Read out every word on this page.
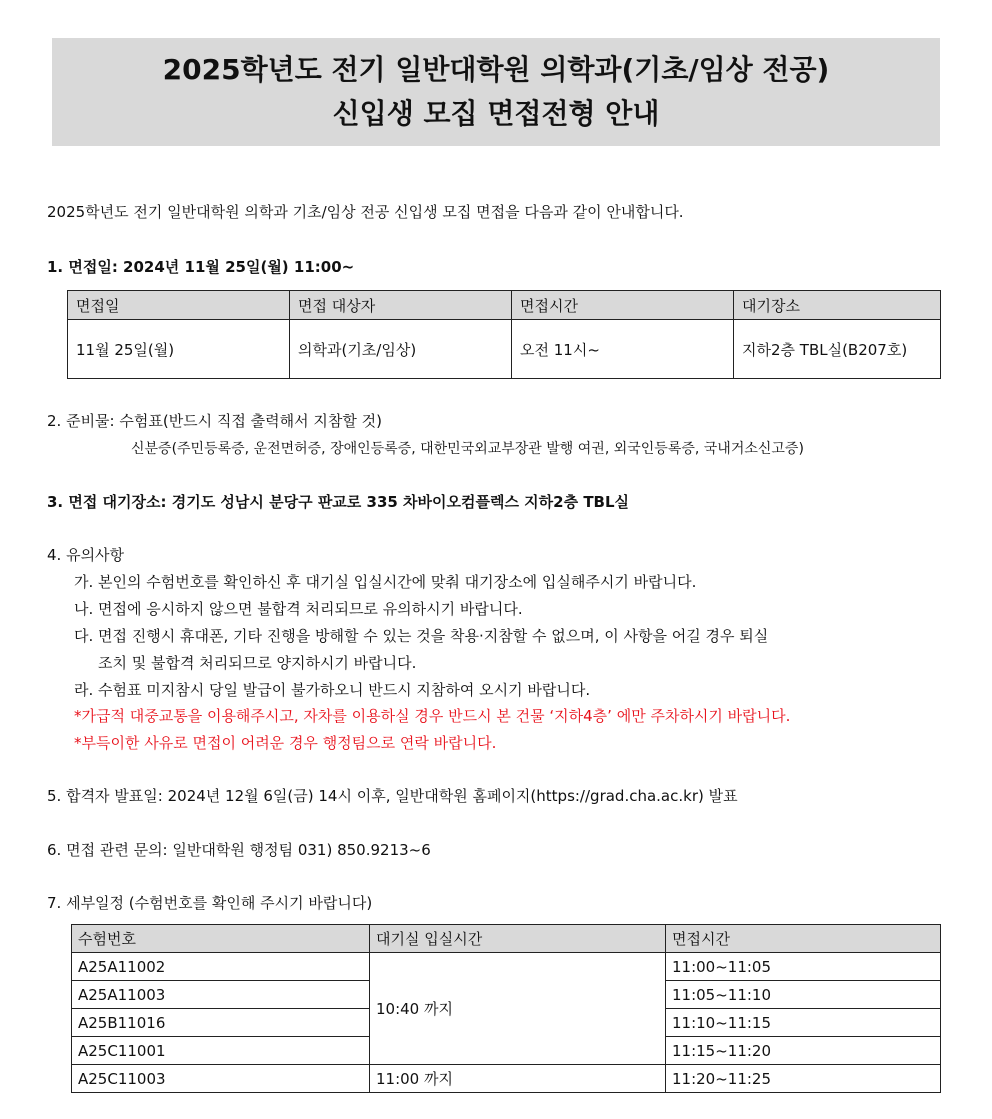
2025학년도 전기 일반대학원 의학과(기초/임상 전공)
신입생 모집 면접전형 안내
2025학년도 전기 일반대학원 의학과 기초/임상 전공 신입생 모집 면접을 다음과 같이 안내합니다.
1. 면접일: 2024년 11월 25일(월) 11:00~
면접일	면접 대상자	면접시간	대기장소
11월 25일(월)	의학과(기초/임상)	오전 11시~	지하2층 TBL실(B207호)
2. 준비물: 수험표(반드시 직접 출력해서 지참할 것)
신분증(주민등록증, 운전면허증, 장애인등록증, 대한민국외교부장관 발행 여권, 외국인등록증, 국내거소신고증)
3. 면접 대기장소: 경기도 성남시 분당구 판교로 335 차바이오컴플렉스 지하2층 TBL실
4. 유의사항
가. 본인의 수험번호를 확인하신 후 대기실 입실시간에 맞춰 대기장소에 입실해주시기 바랍니다.
나. 면접에 응시하지 않으면 불합격 처리되므로 유의하시기 바랍니다.
다. 면접 진행시 휴대폰, 기타 진행을 방해할 수 있는 것을 착용·지참할 수 없으며, 이 사항을 어길 경우 퇴실
조치 및 불합격 처리되므로 양지하시기 바랍니다.
라. 수험표 미지참시 당일 발급이 불가하오니 반드시 지참하여 오시기 바랍니다.
*가급적 대중교통을 이용해주시고, 자차를 이용하실 경우 반드시 본 건물 ‘지하4층’ 에만 주차하시기 바랍니다.
*부득이한 사유로 면접이 어려운 경우 행정팀으로 연락 바랍니다.
5. 합격자 발표일: 2024년 12월 6일(금) 14시 이후, 일반대학원 홈페이지(https://grad.cha.ac.kr) 발표
6. 면접 관련 문의: 일반대학원 행정팀 031) 850.9213~6
7. 세부일정 (수험번호를 확인해 주시기 바랍니다)
수험번호	대기실 입실시간	면접시간
A25A11002	10:40 까지	11:00~11:05
A25A11003		11:05~11:10
A25B11016		11:10~11:15
A25C11001		11:15~11:20
A25C11003	11:00 까지	11:20~11:25
